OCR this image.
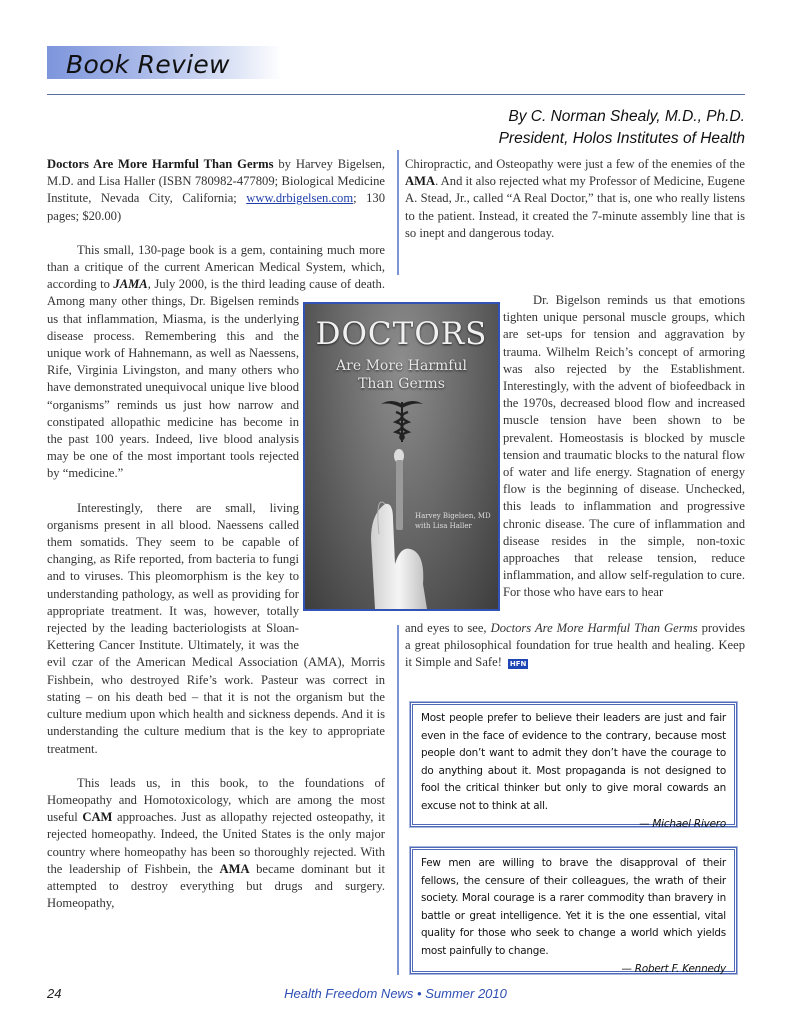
Book Review
By C. Norman Shealy, M.D., Ph.D.
President, Holos Institutes of Health

Doctors Are More Harmful Than Germs by Harvey Bigelsen, M.D. and Lisa Haller (ISBN 780982-477809; Biological Medicine Institute, Nevada City, California; www.drbigelsen.com; 130 pages; $20.00)

This small, 130-page book is a gem, containing much more than a critique of the current American Medical System, which, according to JAMA, July 2000, is the third leading cause of death. Among many other things, Dr. Bigelsen reminds us that inflammation, Miasma, is the underlying disease process. Remembering this and the unique work of Hahnemann, as well as Naessens, Rife, Virginia Livingston, and many others who have demonstrated unequivocal unique live blood “organisms” reminds us just how narrow and constipated allopathic medicine has become in the past 100 years. Indeed, live blood analysis may be one of the most important tools rejected by “medicine.”

Interestingly, there are small, living organisms present in all blood. Naessens called them somatids. They seem to be capable of changing, as Rife reported, from bacteria to fungi and to viruses. This pleomorphism is the key to understanding pathology, as well as providing for appropriate treatment. It was, however, totally rejected by the leading bacteriologists at Sloan-Kettering Cancer Institute. Ultimately, it was the evil czar of the American Medical Association (AMA), Morris Fishbein, who destroyed Rife’s work. Pasteur was correct in stating – on his death bed – that it is not the organism but the culture medium upon which health and sickness depends. And it is understanding the culture medium that is the key to appropriate treatment.

This leads us, in this book, to the foundations of Homeopathy and Homotoxicology, which are among the most useful CAM approaches. Just as allopathy rejected osteopathy, it rejected homeopathy. Indeed, the United States is the only major country where homeopathy has been so thoroughly rejected. With the leadership of Fishbein, the AMA became dominant but it attempted to destroy everything but drugs and surgery. Homeopathy,

DOCTORS
Are More Harmful
Than Germs
Harvey Bigelsen, MD
with Lisa Haller

Chiropractic, and Osteopathy were just a few of the enemies of the AMA. And it also rejected what my Professor of Medicine, Eugene A. Stead, Jr., called “A Real Doctor,” that is, one who really listens to the patient. Instead, it created the 7-minute assembly line that is so inept and dangerous today.

Dr. Bigelson reminds us that emotions tighten unique personal muscle groups, which are set-ups for tension and aggravation by trauma. Wilhelm Reich’s concept of armoring was also rejected by the Establishment. Interestingly, with the advent of biofeedback in the 1970s, decreased blood flow and increased muscle tension have been shown to be prevalent. Homeostasis is blocked by muscle tension and traumatic blocks to the natural flow of water and life energy. Stagnation of energy flow is the beginning of disease. Unchecked, this leads to inflammation and progressive chronic disease. The cure of inflammation and disease resides in the simple, non-toxic approaches that release tension, reduce inflammation, and allow self-regulation to cure. For those who have ears to hear

and eyes to see, Doctors Are More Harmful Than Germs provides a great philosophical foundation for true health and healing. Keep it Simple and Safe! HFN

Most people prefer to believe their leaders are just and fair even in the face of evidence to the contrary, because most people don’t want to admit they don’t have the courage to do anything about it. Most propaganda is not designed to fool the critical thinker but only to give moral cowards an excuse not to think at all.
— Michael Rivero
Few men are willing to brave the disapproval of their fellows, the censure of their colleagues, the wrath of their society. Moral courage is a rarer commodity than bravery in battle or great intelligence. Yet it is the one essential, vital quality for those who seek to change a world which yields most painfully to change.
— Robert F. Kennedy
24	Health Freedom News • Summer 2010
